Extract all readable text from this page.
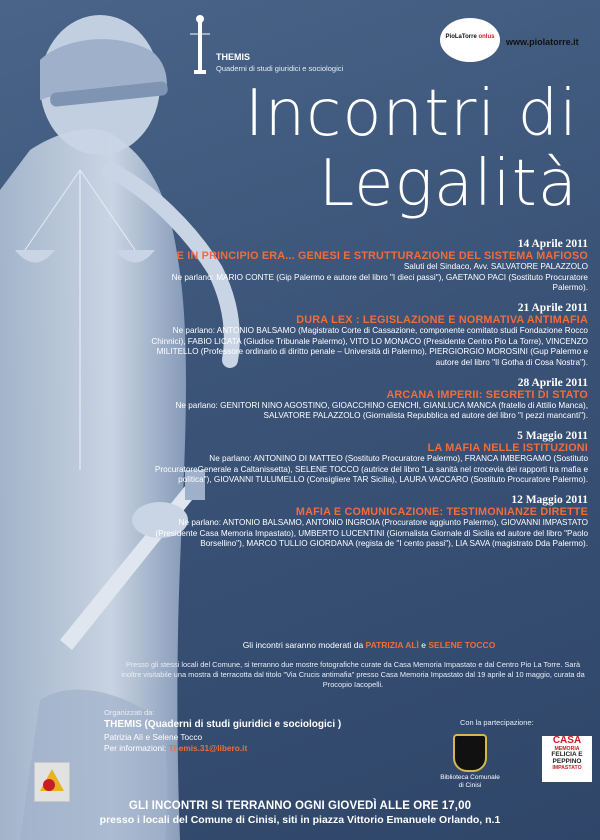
THEMIS
Quaderni di studi giuridici e sociologici
PioLaTorre onlus	www.piolatorre.it
Incontri di
Legalità
14 Aprile 2011
E IN PRINCIPIO ERA... GENESI E STRUTTURAZIONE DEL SISTEMA MAFIOSO
Saluti del Sindaco, Avv. SALVATORE PALAZZOLO
Ne parlano: MARIO CONTE (Gip Palermo e autore del libro "I dieci passi"), GAETANO PACI (Sostituto Procuratore Palermo).
21 Aprile 2011
DURA LEX : LEGISLAZIONE E NORMATIVA ANTIMAFIA
Ne parlano: ANTONIO BALSAMO (Magistrato Corte di Cassazione, componente comitato studi Fondazione Rocco Chinnici), FABIO LICATA (Giudice Tribunale Palermo), VITO LO MONACO (Presidente Centro Pio La Torre), VINCENZO MILITELLO (Professore ordinario di diritto penale – Università di Palermo), PIERGIORGIO MOROSINI (Gup Palermo e autore del libro "Il Gotha di Cosa Nostra").
28 Aprile 2011
ARCANA IMPERII: SEGRETI DI STATO
Ne parlano: GENITORI NINO AGOSTINO, GIOACCHINO GENCHI, GIANLUCA MANCA (fratello di Attilio Manca), SALVATORE PALAZZOLO (Giornalista Repubblica ed autore del libro "I pezzi mancanti").
5 Maggio 2011
LA MAFIA NELLE ISTITUZIONI
Ne parlano: ANTONINO DI MATTEO (Sostituto Procuratore Palermo), FRANCA IMBERGAMO (Sostituto ProcuratoreGenerale a Caltanissetta), SELENE TOCCO (autrice del libro "La sanità nel crocevia dei rapporti tra mafia e politica"), GIOVANNI TULUMELLO (Consigliere TAR Sicilia), LAURA VACCARO (Sostituto Procuratore Palermo).
12 Maggio 2011
MAFIA E COMUNICAZIONE: TESTIMONIANZE DIRETTE
Ne parlano: ANTONIO BALSAMO, ANTONIO INGROIA (Procuratore aggiunto Palermo), GIOVANNI IMPASTATO (Presidente Casa Memoria Impastato), UMBERTO LUCENTINI (Giornalista Giornale di Sicilia ed autore del libro "Paolo Borsellino"), MARCO TULLIO GIORDANA (regista de "I cento passi"), LIA SAVA (magistrato Dda Palermo).
Gli incontri saranno moderati da PATRIZIA ALÌ e SELENE TOCCO
Presso gli stessi locali del Comune, si terranno due mostre fotografiche curate da Casa Memoria Impastato e dal Centro Pio La Torre. Sarà inoltre visitabile una mostra di terracotta dal titolo "Via Crucis antimafia" presso Casa Memoria Impastato dal 19 aprile al 10 maggio, curata da Procopio Iacopelli.
Organizzati da:
THEMIS (Quaderni di studi giuridici e sociologici )
Patrizia Alì e Selene Tocco
Per informazioni: Themis.31@libero.it
Con la partecipazione:
Biblioteca Comunale di Cinisi
CASA
MEMORIA
FELICIA E PEPPINO
IMPASTATO
GLI INCONTRI SI TERRANNO OGNI GIOVEDÌ ALLE ORE 17,00
presso i locali del Comune di Cinisi, siti in piazza Vittorio Emanuele Orlando, n.1
